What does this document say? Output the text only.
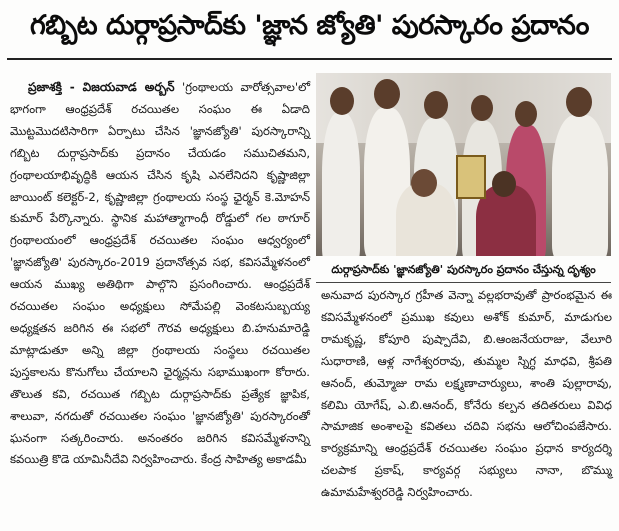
గబ్బిట దుర్గాప్రసాద్‌కు 'జ్ఞాన జ్యోతి' పురస్కారం ప్రదానం

ప్రజాశక్తి - విజయవాడ అర్బన్ 'గ్రంథాలయ వారోత్సవాల'లో భాగంగా ఆంధ్రప్రదేశ్ రచయితల సంఘం ఈ ఏడాది మొట్టమొదటిసారిగా ఏర్పాటు చేసిన 'జ్ఞానజ్యోతి' పురస్కారాన్ని గబ్బిట దుర్గాప్రసాద్‌కు ప్రదానం చేయడం సముచితమని, గ్రంథాలయాభివృద్ధికి ఆయన చేసిన కృషి ఎనలేనిదని కృష్ణాజిల్లా జాయింట్ కలెక్టర్-2, కృష్ణాజిల్లా గ్రంథాలయ సంస్థ ఛైర్మన్ కె.మోహన్ కుమార్ పేర్కొన్నారు. స్థానిక మహాత్మాగాంధీ రోడ్డులో గల ఠాగూర్ గ్రంథాలయంలో ఆంధ్రప్రదేశ్ రచయితల సంఘం ఆధ్వర్యంలో 'జ్ఞానజ్యోతి' పురస్కారం-2019 ప్రదానోత్సవ సభ, కవిసమ్మేళనంలో ఆయన ముఖ్య అతిథిగా పాల్గొని ప్రసంగించారు. ఆంధ్రప్రదేశ్ రచయితల సంఘం అధ్యక్షులు సోమేపల్లి వెంకటసుబ్బయ్య అధ్యక్షతన జరిగిన ఈ సభలో గౌరవ అధ్యక్షులు బి.హనుమారెడ్డి మాట్లాడుతూ అన్ని జిల్లా గ్రంథాలయ సంస్థలు రచయితల పుస్తకాలను కొనుగోలు చేయాలని ఛైర్మన్లను సభాముఖంగా కోరారు. తొలుత కవి, రచయిత గబ్బిట దుర్గాప్రసాద్‌కు ప్రత్యేక జ్ఞాపిక, శాలువా, నగదుతో రచయితల సంఘం 'జ్ఞానజ్యోతి' పురస్కారంతో ఘనంగా సత్కరించారు. అనంతరం జరిగిన కవిసమ్మేళనాన్ని కవయిత్రి కొడె యామినీదేవి నిర్వహించారు. కేంద్ర సాహిత్య అకాడమీ

దుర్గాప్రసాద్‌కు 'జ్ఞానజ్యోతి' పురస్కారం ప్రదానం చేస్తున్న దృశ్యం

అనువాద పురస్కార గ్రహీత వెన్నా వల్లభరావుతో ప్రారంభమైన ఈ కవిసమ్మేళనంలో ప్రముఖ కవులు అశోక్ కుమార్, మాడుగుల రామకృష్ణ, కోపూరి పుష్పాదేవి, బి.ఆంజనేయరాజు, వేలూరి సుధారాణి, ఆళ్ల నాగేశ్వరరావు, తుమ్మల స్నిగ్ధ మాధవి, శ్రీపతి ఆనంద్, తుమ్మోజు రామ లక్ష్మణాచార్యులు, శాంతి పుల్లారావు, కలిమి యోగేష్, ఎ.బి.ఆనంద్, కోనేరు కల్పన తదితరులు వివిధ సామాజిక అంశాలపై కవితలు చదివి సభను ఆలోచింపజేసారు. కార్యక్రమాన్ని ఆంధ్రప్రదేశ్ రచయితల సంఘం ప్రధాన కార్యదర్శి చలపాక ప్రకాష్, కార్యవర్గ సభ్యులు నానా, బొమ్ము ఉమామహేశ్వరరెడ్డి నిర్వహించారు.
